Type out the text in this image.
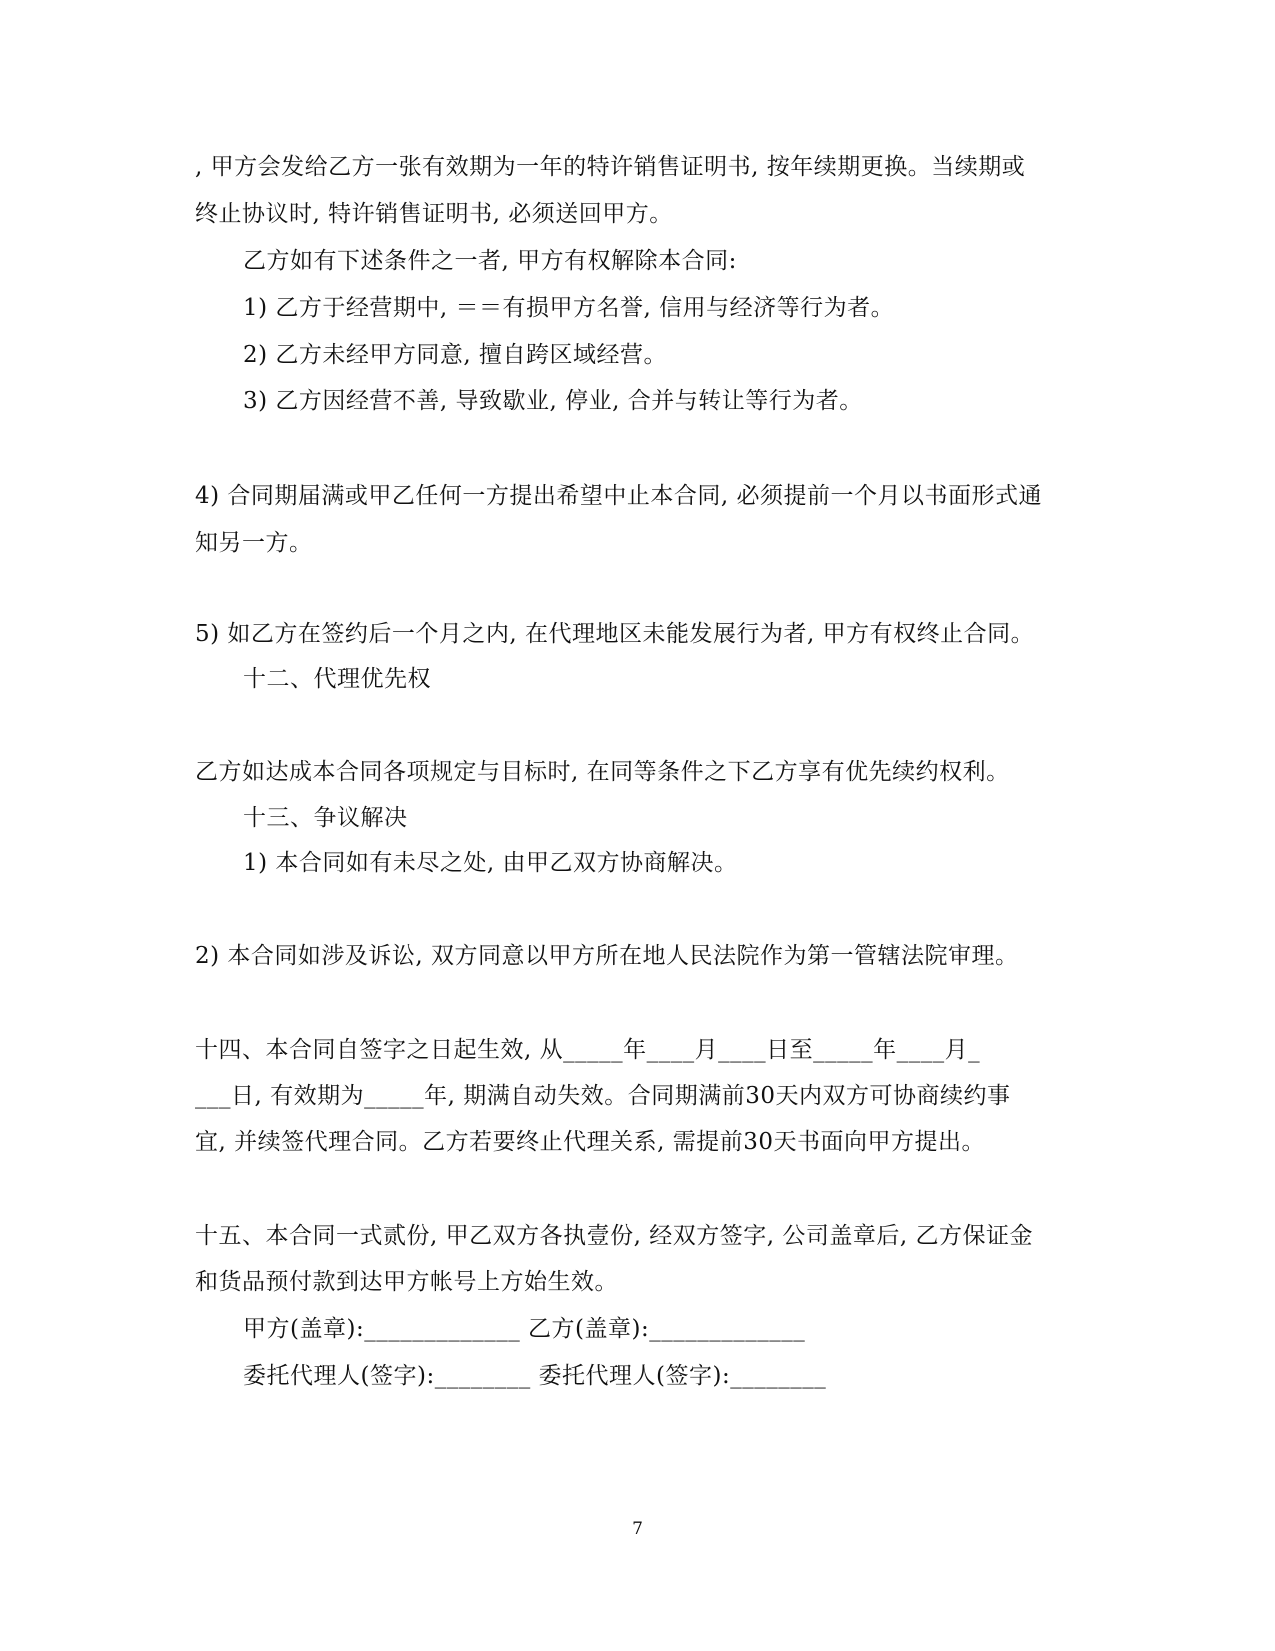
, 甲方会发给乙方一张有效期为一年的特许销售证明书, 按年续期更换。当续期或
终止协议时, 特许销售证明书, 必须送回甲方。
乙方如有下述条件之一者, 甲方有权解除本合同:
1) 乙方于经营期中, ＝＝有损甲方名誉, 信用与经济等行为者。
2) 乙方未经甲方同意, 擅自跨区域经营。
3) 乙方因经营不善, 导致歇业, 停业, 合并与转让等行为者。
4) 合同期届满或甲乙任何一方提出希望中止本合同, 必须提前一个月以书面形式通
知另一方。
5) 如乙方在签约后一个月之内, 在代理地区未能发展行为者, 甲方有权终止合同。
十二、代理优先权
乙方如达成本合同各项规定与目标时, 在同等条件之下乙方享有优先续约权利。
十三、争议解决
1) 本合同如有未尽之处, 由甲乙双方协商解决。
2) 本合同如涉及诉讼, 双方同意以甲方所在地人民法院作为第一管辖法院审理。
十四、本合同自签字之日起生效, 从_____年____月____日至_____年____月_
___日, 有效期为_____年, 期满自动失效。合同期满前30天内双方可协商续约事
宜, 并续签代理合同。乙方若要终止代理关系, 需提前30天书面向甲方提出。
十五、本合同一式贰份, 甲乙双方各执壹份, 经双方签字, 公司盖章后, 乙方保证金
和货品预付款到达甲方帐号上方始生效。
甲方(盖章):_____________ 乙方(盖章):_____________
委托代理人(签字):________ 委托代理人(签字):________
7
